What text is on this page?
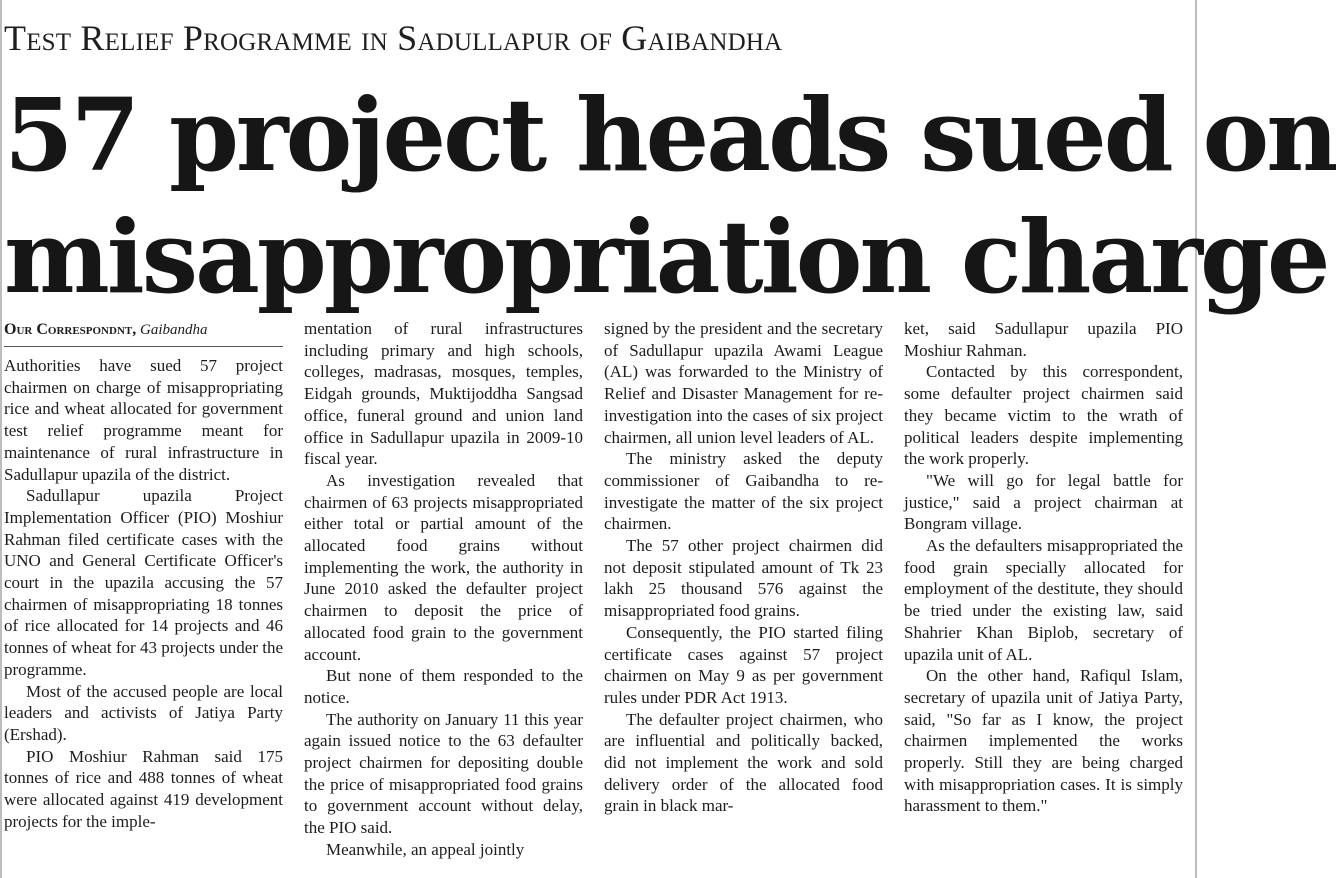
Test Relief Programme in Sadullapur of Gaibandha
57 project heads sued on
misappropriation charge
Our Correspondnt, Gaibandha

Authorities have sued 57 project chairmen on charge of misappropriating rice and wheat allocated for government test relief programme meant for maintenance of rural infrastructure in Sadullapur upazila of the district.

Sadullapur upazila Project Implementation Officer (PIO) Moshiur Rahman filed certificate cases with the UNO and General Certificate Officer's court in the upazila accusing the 57 chairmen of misappropriating 18 tonnes of rice allocated for 14 projects and 46 tonnes of wheat for 43 projects under the programme.

Most of the accused people are local leaders and activists of Jatiya Party (Ershad).

PIO Moshiur Rahman said 175 tonnes of rice and 488 tonnes of wheat were allocated against 419 development projects for the imple-

mentation of rural infrastructures including primary and high schools, colleges, madrasas, mosques, temples, Eidgah grounds, Muktijoddha Sangsad office, funeral ground and union land office in Sadullapur upazila in 2009-10 fiscal year.

As investigation revealed that chairmen of 63 projects misappropriated either total or partial amount of the allocated food grains without implementing the work, the authority in June 2010 asked the defaulter project chairmen to deposit the price of allocated food grain to the government account.

But none of them responded to the notice.

The authority on January 11 this year again issued notice to the 63 defaulter project chairmen for depositing double the price of misappropriated food grains to government account without delay, the PIO said.

Meanwhile, an appeal jointly

signed by the president and the secretary of Sadullapur upazila Awami League (AL) was forwarded to the Ministry of Relief and Disaster Management for re-investigation into the cases of six project chairmen, all union level leaders of AL.

The ministry asked the deputy commissioner of Gaibandha to re-investigate the matter of the six project chairmen.

The 57 other project chairmen did not deposit stipulated amount of Tk 23 lakh 25 thousand 576 against the misappropriated food grains.

Consequently, the PIO started filing certificate cases against 57 project chairmen on May 9 as per government rules under PDR Act 1913.

The defaulter project chairmen, who are influential and politically backed, did not implement the work and sold delivery order of the allocated food grain in black mar-

ket, said Sadullapur upazila PIO Moshiur Rahman.

Contacted by this correspondent, some defaulter project chairmen said they became victim to the wrath of political leaders despite implementing the work properly.

"We will go for legal battle for justice," said a project chairman at Bongram village.

As the defaulters misappropriated the food grain specially allocated for employment of the destitute, they should be tried under the existing law, said Shahrier Khan Biplob, secretary of upazila unit of AL.

On the other hand, Rafiqul Islam, secretary of upazila unit of Jatiya Party, said, "So far as I know, the project chairmen implemented the works properly. Still they are being charged with misappropriation cases. It is simply harassment to them."
